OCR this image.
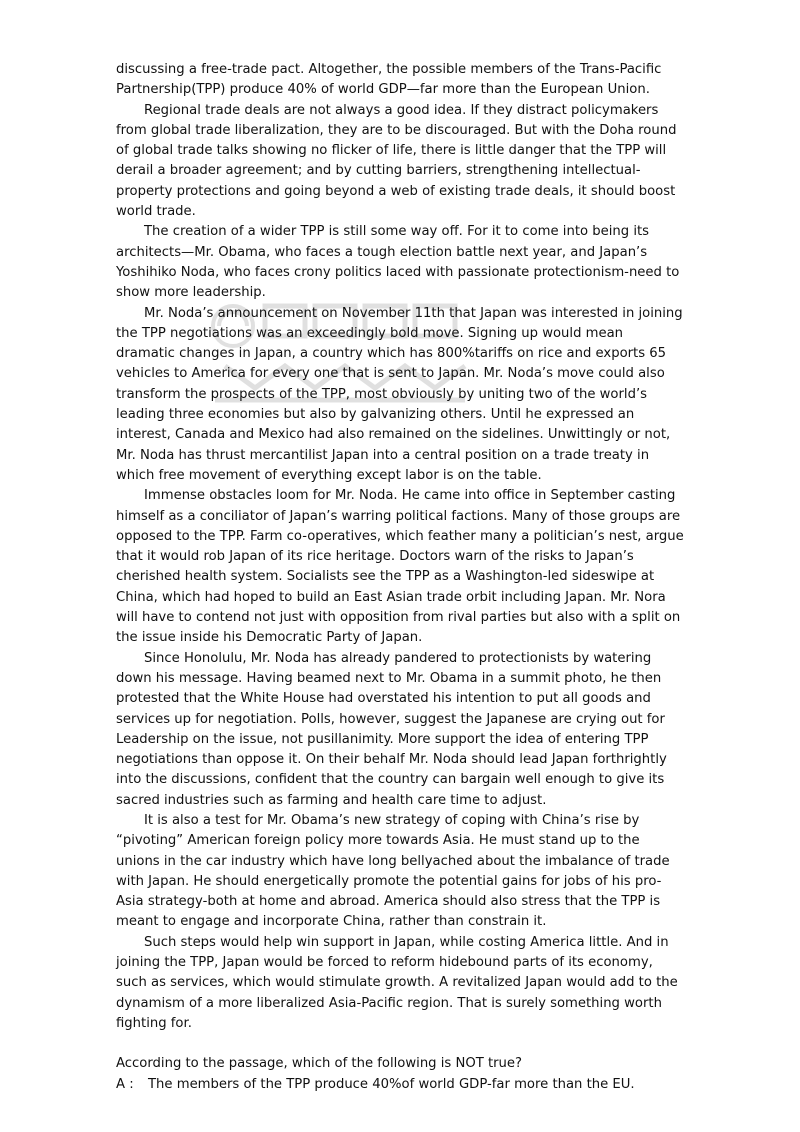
discussing a free-trade pact. Altogether, the possible members of the Trans-Pacific Partnership(TPP) produce 40% of world GDP—far more than the European Union.

Regional trade deals are not always a good idea. If they distract policymakers from global trade liberalization, they are to be discouraged. But with the Doha round of global trade talks showing no flicker of life, there is little danger that the TPP will derail a broader agreement; and by cutting barriers, strengthening intellectual-property protections and going beyond a web of existing trade deals, it should boost world trade.

The creation of a wider TPP is still some way off. For it to come into being its architects—Mr. Obama, who faces a tough election battle next year, and Japan’s Yoshihiko Noda, who faces crony politics laced with passionate protectionism-need to show more leadership.

Mr. Noda’s announcement on November 11th that Japan was interested in joining the TPP negotiations was an exceedingly bold move. Signing up would mean dramatic changes in Japan, a country which has 800%tariffs on rice and exports 65 vehicles to America for every one that is sent to Japan. Mr. Noda’s move could also transform the prospects of the TPP, most obviously by uniting two of the world’s leading three economies but also by galvanizing others. Until he expressed an interest, Canada and Mexico had also remained on the sidelines. Unwittingly or not, Mr. Noda has thrust mercantilist Japan into a central position on a trade treaty in which free movement of everything except labor is on the table.

Immense obstacles loom for Mr. Noda. He came into office in September casting himself as a conciliator of Japan’s warring political factions. Many of those groups are opposed to the TPP. Farm co-operatives, which feather many a politician’s nest, argue that it would rob Japan of its rice heritage. Doctors warn of the risks to Japan’s cherished health system. Socialists see the TPP as a Washington-led sideswipe at China, which had hoped to build an East Asian trade orbit including Japan. Mr. Nora will have to contend not just with opposition from rival parties but also with a split on the issue inside his Democratic Party of Japan.

Since Honolulu, Mr. Noda has already pandered to protectionists by watering down his message. Having beamed next to Mr. Obama in a summit photo, he then protested that the White House had overstated his intention to put all goods and services up for negotiation. Polls, however, suggest the Japanese are crying out for Leadership on the issue, not pusillanimity. More support the idea of entering TPP negotiations than oppose it. On their behalf Mr. Noda should lead Japan forthrightly into the discussions, confident that the country can bargain well enough to give its sacred industries such as farming and health care time to adjust.

It is also a test for Mr. Obama’s new strategy of coping with China’s rise by “pivoting” American foreign policy more towards Asia. He must stand up to the unions in the car industry which have long bellyached about the imbalance of trade with Japan. He should energetically promote the potential gains for jobs of his pro-Asia strategy-both at home and abroad. America should also stress that the TPP is meant to engage and incorporate China, rather than constrain it.

Such steps would help win support in Japan, while costing America little. And in joining the TPP, Japan would be forced to reform hidebound parts of its economy, such as services, which would stimulate growth. A revitalized Japan would add to the dynamism of a more liberalized Asia-Pacific region. That is surely something worth fighting for.

According to the passage, which of the following is NOT true?

A : The members of the TPP produce 40%of world GDP-far more than the EU.
